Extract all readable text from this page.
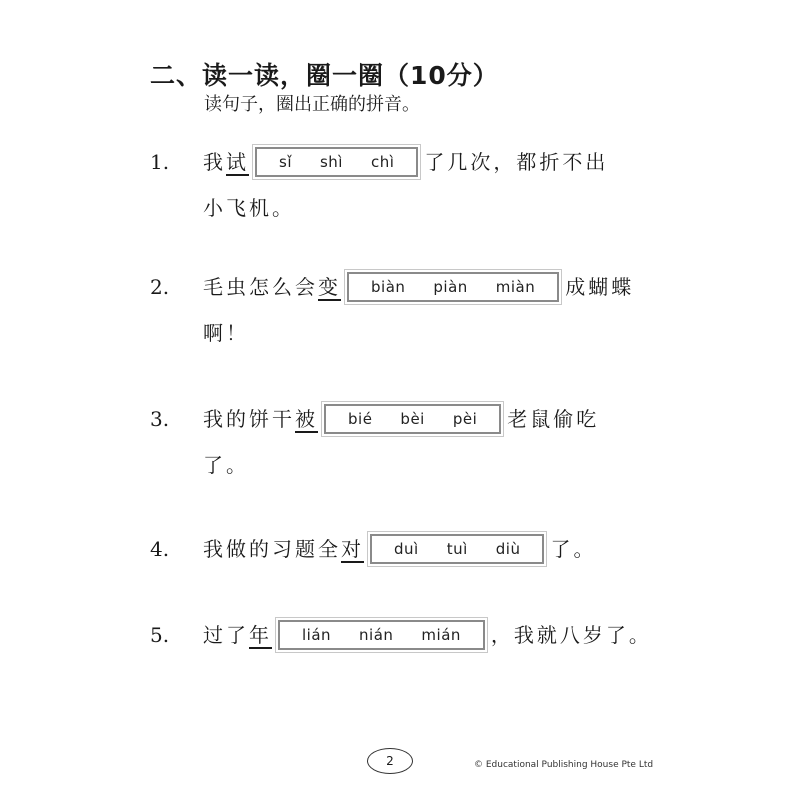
二、读一读，圈一圈（10分）
读句子，圈出正确的拼音。
1.	我 试 sǐ shì chì 了几次，都折不出
小飞机。
2.	毛虫怎么会 变 biàn piàn miàn 成蝴蝶
啊！
3.	我的饼干 被 bié bèi pèi 老鼠偷吃
了。
4.	我做的习题全 对 duì tuì diù 了。
5.	过了 年 lián nián mián ，我就八岁了。
2	© Educational Publishing House Pte Ltd
